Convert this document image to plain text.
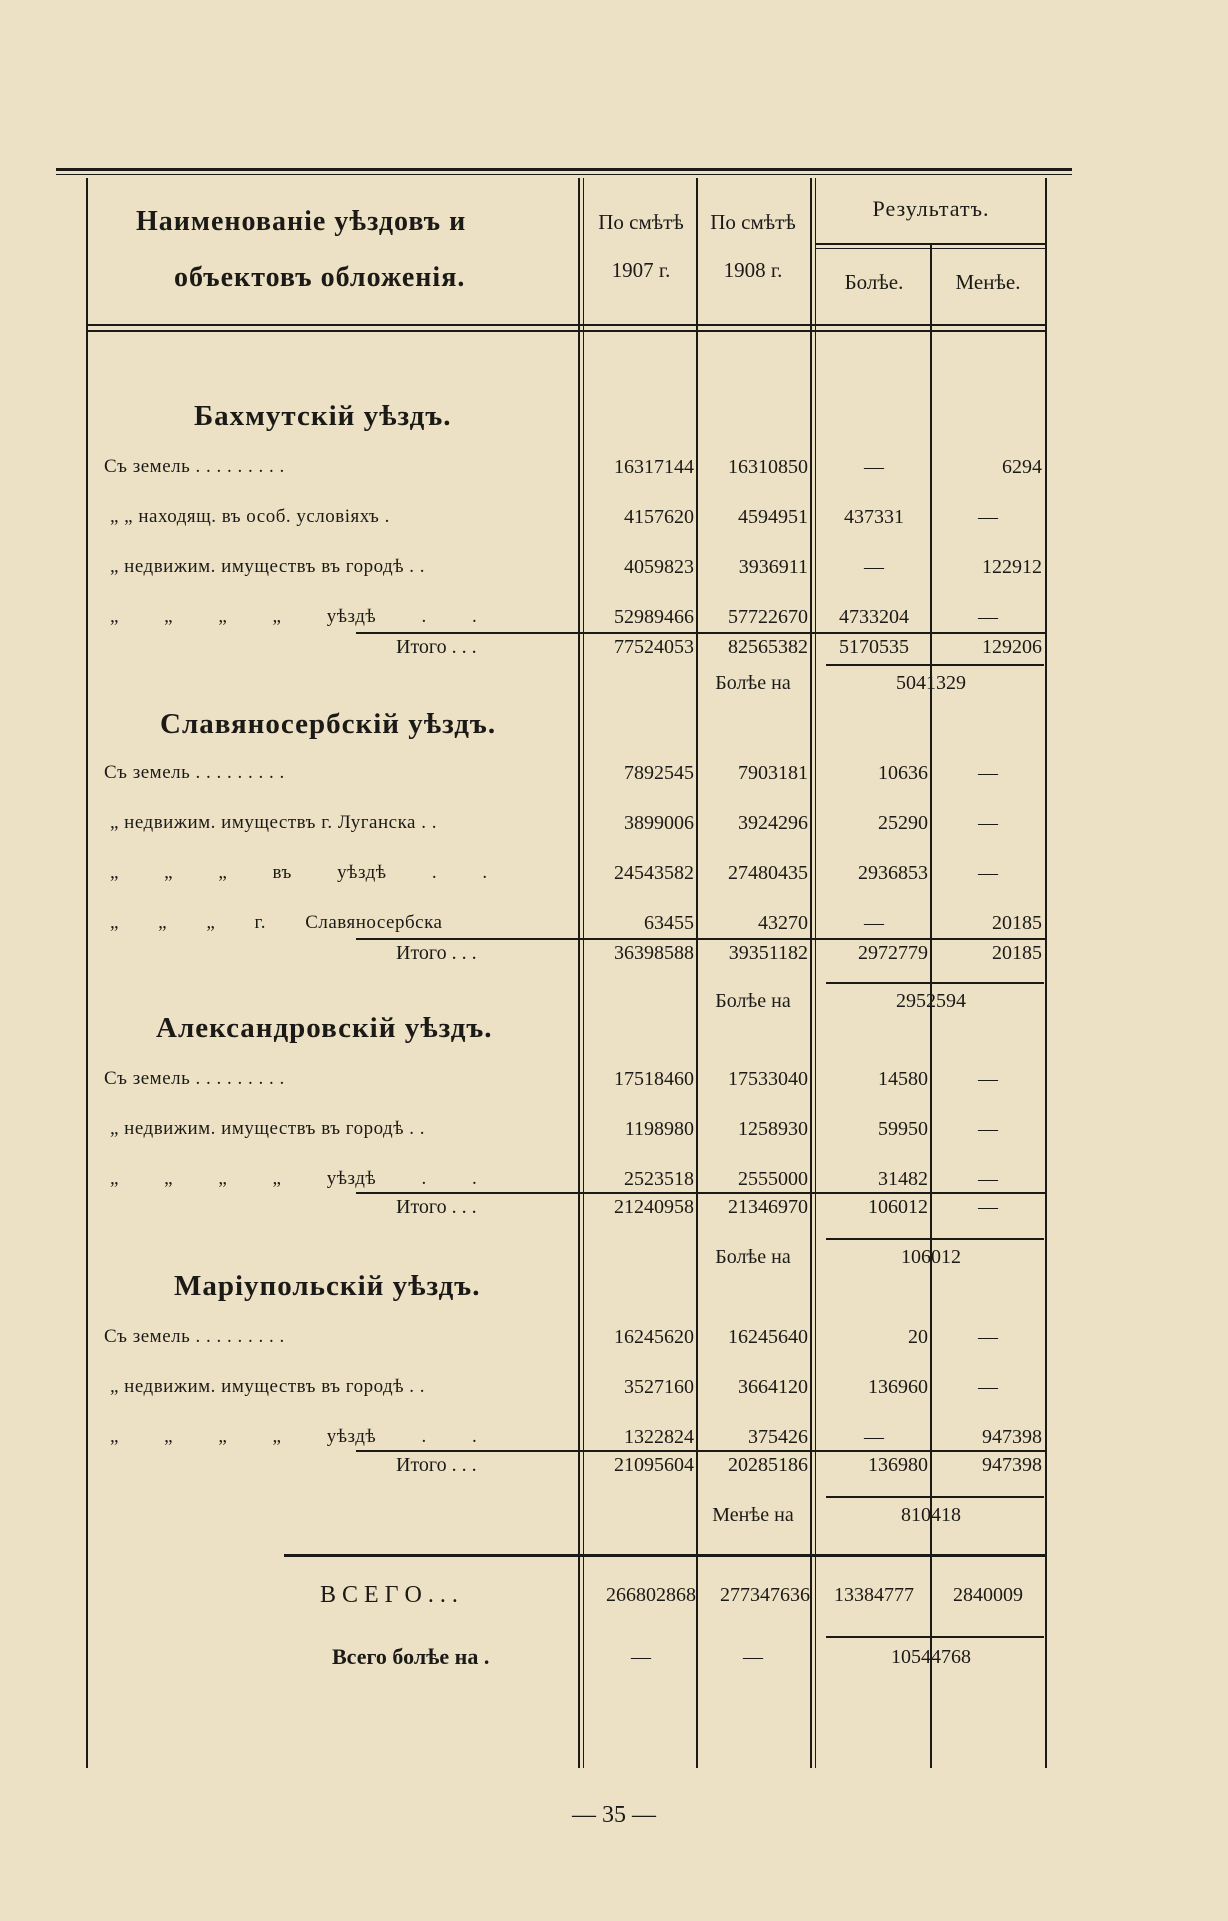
Наименованіе уѣздовъ и
объектовъ обложенія.
По смѣтѣ
1907 г.
По смѣтѣ
1908 г.
Результатъ.
Болѣе.	Менѣе.
Бахмутскій уѣздъ.
Съ земель . . . . . . . . .	16317144	16310850	—	6294
„ „ находящ. въ особ. условіяхъ .	4157620	4594951	437331	—
„ недвижим. имуществъ въ городѣ . .	4059823	3936911	—	122912
„ „ „ „ уѣздѣ . .	52989466	57722670	4733204	—
Итого . . .	77524053	82565382	5170535	129206
Болѣе на	5041329
Славяносербскій уѣздъ.
Съ земель . . . . . . . . .	7892545	7903181	10636	—
„ недвижим. имуществъ г. Луганска . .	3899006	3924296	25290	—
„ „ „ въ уѣздѣ . .	24543582	27480435	2936853	—
„ „ „ г. Славяносербска	63455	43270	—	20185
Итого . . .	36398588	39351182	2972779	20185
Болѣе на	2952594
Александровскій уѣздъ.
Съ земель . . . . . . . . .	17518460	17533040	14580	—
„ недвижим. имуществъ въ городѣ . .	1198980	1258930	59950	—
„ „ „ „ уѣздѣ . .	2523518	2555000	31482	—
Итого . . .	21240958	21346970	106012	—
Болѣе на	106012
Маріупольскій уѣздъ.
Съ земель . . . . . . . . .	16245620	16245640	20	—
„ недвижим. имуществъ въ городѣ . .	3527160	3664120	136960	—
„ „ „ „ уѣздѣ . .	1322824	375426	—	947398
Итого . . .	21095604	20285186	136980	947398
Менѣе на	810418
В С Е Г О . . .	266802868	277347636	13384777	2840009
Всего болѣе на .	—	—	10544768
— 35 —
